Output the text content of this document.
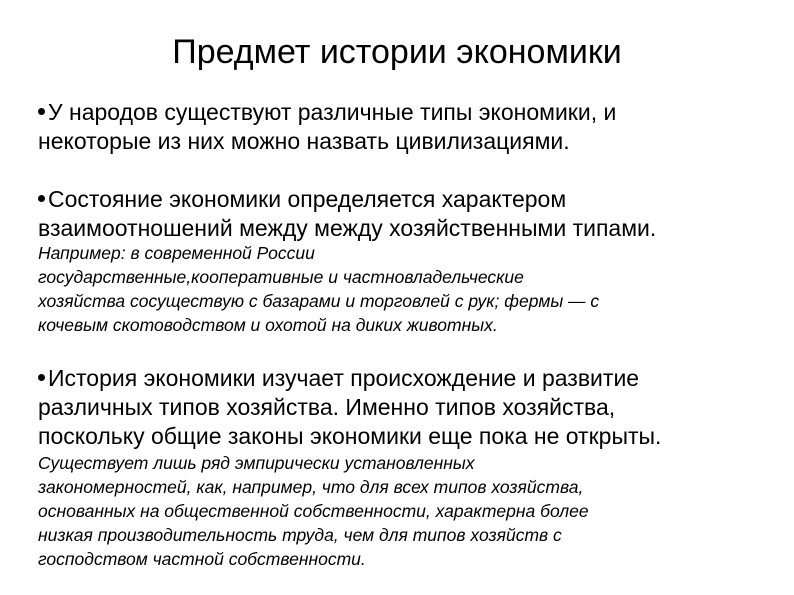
Предмет истории экономики
У народов существуют различные типы экономики, и
некоторые из них можно назвать цивилизациями.
Состояние экономики определяется характером
взаимоотношений между между хозяйственными типами.
Например: в современной России
государственные,кооперативные и частновладельческие
хозяйства сосуществую с базарами и торговлей с рук; фермы — с
кочевым скотоводством и охотой на диких животных.
История экономики изучает происхождение и развитие
различных типов хозяйства. Именно типов хозяйства,
поскольку общие законы экономики еще пока не открыты.
Существует лишь ряд эмпирически установленных
закономерностей, как, например, что для всех типов хозяйства,
основанных на общественной собственности, характерна более
низкая производительность труда, чем для типов хозяйств с
господством частной собственности.
